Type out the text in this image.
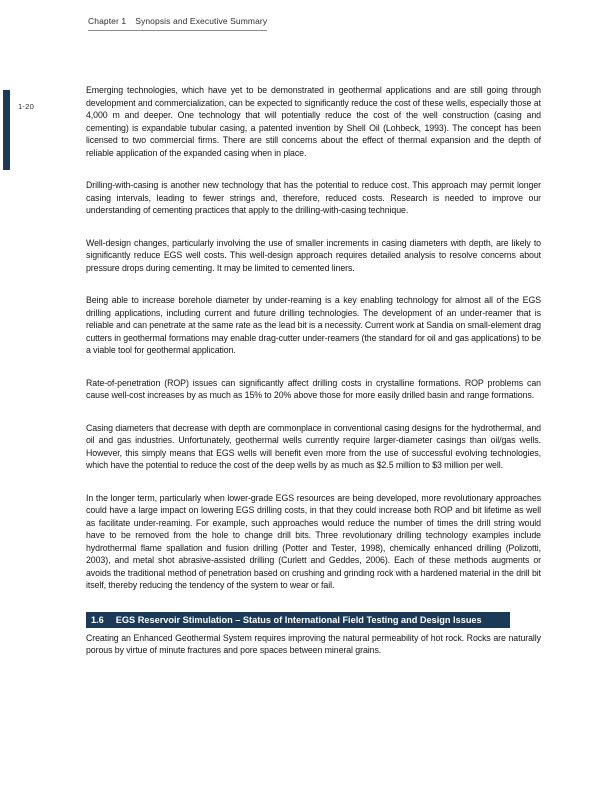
Chapter 1 Synopsis and Executive Summary
1-20

Emerging technologies, which have yet to be demonstrated in geothermal applications and are still going through development and commercialization, can be expected to significantly reduce the cost of these wells, especially those at 4,000 m and deeper. One technology that will potentially reduce the cost of the well construction (casing and cementing) is expandable tubular casing, a patented invention by Shell Oil (Lohbeck, 1993). The concept has been licensed to two commercial firms. There are still concerns about the effect of thermal expansion and the depth of reliable application of the expanded casing when in place.

Drilling-with-casing is another new technology that has the potential to reduce cost. This approach may permit longer casing intervals, leading to fewer strings and, therefore, reduced costs. Research is needed to improve our understanding of cementing practices that apply to the drilling-with-casing technique.

Well-design changes, particularly involving the use of smaller increments in casing diameters with depth, are likely to significantly reduce EGS well costs. This well-design approach requires detailed analysis to resolve concerns about pressure drops during cementing. It may be limited to cemented liners.

Being able to increase borehole diameter by under-reaming is a key enabling technology for almost all of the EGS drilling applications, including current and future drilling technologies. The development of an under-reamer that is reliable and can penetrate at the same rate as the lead bit is a necessity. Current work at Sandia on small-element drag cutters in geothermal formations may enable drag-cutter under-reamers (the standard for oil and gas applications) to be a viable tool for geothermal application.

Rate-of-penetration (ROP) issues can significantly affect drilling costs in crystalline formations. ROP problems can cause well-cost increases by as much as 15% to 20% above those for more easily drilled basin and range formations.

Casing diameters that decrease with depth are commonplace in conventional casing designs for the hydrothermal, and oil and gas industries. Unfortunately, geothermal wells currently require larger-diameter casings than oil/gas wells. However, this simply means that EGS wells will benefit even more from the use of successful evolving technologies, which have the potential to reduce the cost of the deep wells by as much as $2.5 million to $3 million per well.

In the longer term, particularly when lower-grade EGS resources are being developed, more revolutionary approaches could have a large impact on lowering EGS drilling costs, in that they could increase both ROP and bit lifetime as well as facilitate under-reaming. For example, such approaches would reduce the number of times the drill string would have to be removed from the hole to change drill bits. Three revolutionary drilling technology examples include hydrothermal flame spallation and fusion drilling (Potter and Tester, 1998), chemically enhanced drilling (Polizotti, 2003), and metal shot abrasive-assisted drilling (Curlett and Geddes, 2006). Each of these methods augments or avoids the traditional method of penetration based on crushing and grinding rock with a hardened material in the drill bit itself, thereby reducing the tendency of the system to wear or fail.

1.6 EGS Reservoir Stimulation – Status of International Field Testing and Design Issues

Creating an Enhanced Geothermal System requires improving the natural permeability of hot rock. Rocks are naturally porous by virtue of minute fractures and pore spaces between mineral grains.
